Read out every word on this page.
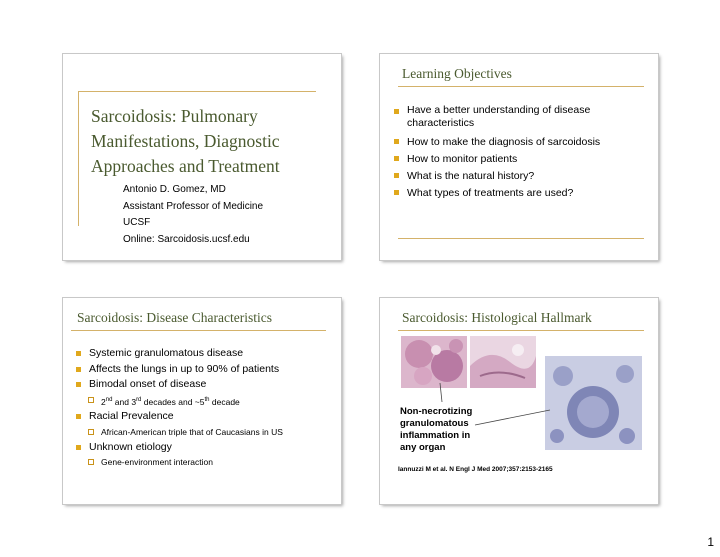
Sarcoidosis: Pulmonary Manifestations, Diagnostic Approaches and Treatment
Antonio D. Gomez, MD
Assistant Professor of Medicine
UCSF
Online: Sarcoidosis.ucsf.edu
Learning Objectives
Have a better understanding of disease characteristics
How to make the diagnosis of sarcoidosis
How to monitor patients
What is the natural history?
What types of treatments are used?
Sarcoidosis: Disease Characteristics
Systemic granulomatous disease
Affects the lungs in up to 90% of patients
Bimodal onset of disease
2nd and 3rd decades and ~5th decade
Racial Prevalence
African-American triple that of Caucasians in US
Unknown etiology
Gene-environment interaction
Sarcoidosis: Histological Hallmark
Non-necrotizing
granulomatous
inflammation in
any organ
Iannuzzi M et al. N Engl J Med 2007;357:2153-2165
1
